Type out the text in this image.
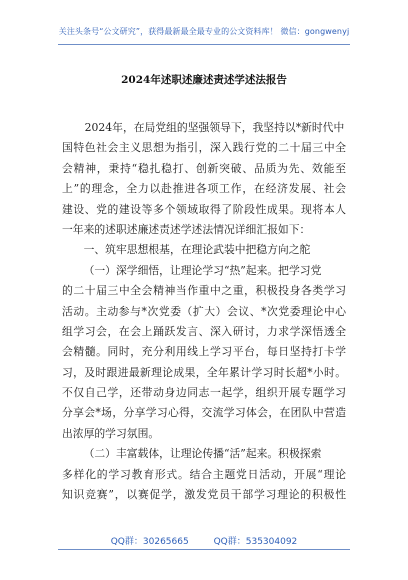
关注头条号“公文研究”，获得最新最全最专业的公文资料库！ 微信：gongwenyj
2024年述职述廉述责述学述法报告
2024年，在局党组的坚强领导下，我坚持以*新时代中
国特色社会主义思想为指引，深入践行党的二十届三中全
会精神，秉持“稳扎稳打、创新突破、品质为先、效能至
上”的理念，全力以赴推进各项工作，在经济发展、社会
建设、党的建设等多个领域取得了阶段性成果。现将本人
一年来的述职述廉述责述学述法情况详细汇报如下：
一、筑牢思想根基，在理论武装中把稳方向之舵
（一）深学细悟，让理论学习“热”起来。把学习党
的二十届三中全会精神当作重中之重，积极投身各类学习
活动。主动参与*次党委（扩大）会议、*次党委理论中心
组学习会，在会上踊跃发言、深入研讨，力求学深悟透全
会精髓。同时，充分利用线上学习平台，每日坚持打卡学
习，及时跟进最新理论成果，全年累计学习时长超*小时。
不仅自己学，还带动身边同志一起学，组织开展专题学习
分享会*场，分享学习心得，交流学习体会，在团队中营造
出浓厚的学习氛围。
（二）丰富载体，让理论传播“活”起来。积极探索
多样化的学习教育形式。结合主题党日活动，开展“理论
知识竞赛”，以赛促学，激发党员干部学习理论的积极性
QQ群：30265665	QQ群：535304092
